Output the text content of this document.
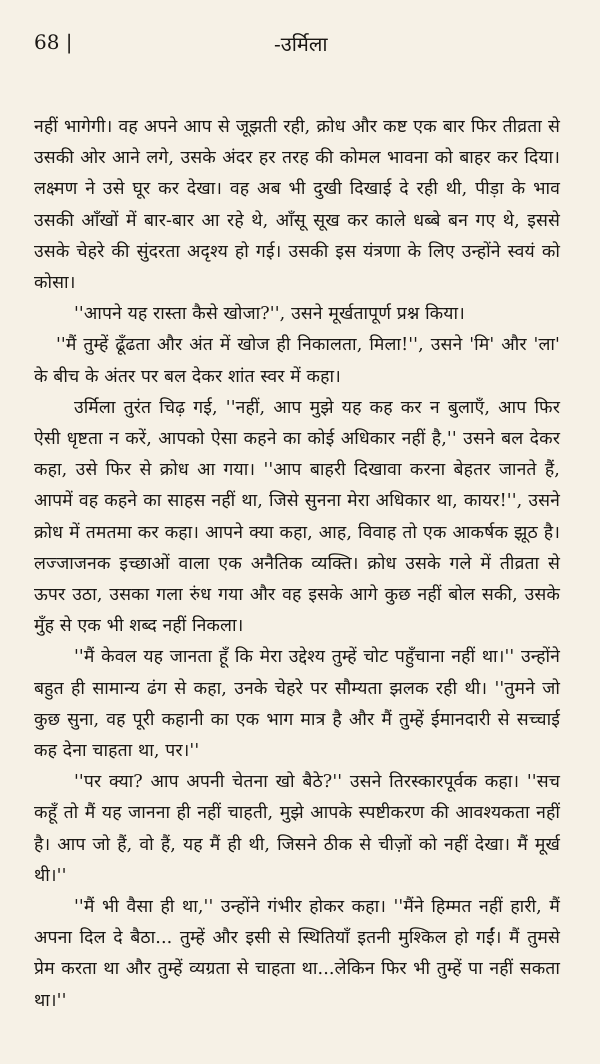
68 |	-उर्मिला

नहीं भागेगी। वह अपने आप से जूझती रही, क्रोध और कष्ट एक बार फिर तीव्रता से उसकी ओर आने लगे, उसके अंदर हर तरह की कोमल भावना को बाहर कर दिया। लक्ष्मण ने उसे घूर कर देखा। वह अब भी दुखी दिखाई दे रही थी, पीड़ा के भाव उसकी आँखों में बार-बार आ रहे थे, आँसू सूख कर काले धब्बे बन गए थे, इससे उसके चेहरे की सुंदरता अदृश्य हो गई। उसकी इस यंत्रणा के लिए उन्होंने स्वयं को कोसा।

''आपने यह रास्ता कैसे खोजा?'', उसने मूर्खतापूर्ण प्रश्न किया।

''मैं तुम्हें ढूँढता और अंत में खोज ही निकालता, मिला!'', उसने 'मि' और 'ला' के बीच के अंतर पर बल देकर शांत स्वर में कहा।

उर्मिला तुरंत चिढ़ गई, ''नहीं, आप मुझे यह कह कर न बुलाएँ, आप फिर ऐसी धृष्टता न करें, आपको ऐसा कहने का कोई अधिकार नहीं है,'' उसने बल देकर कहा, उसे फिर से क्रोध आ गया। ''आप बाहरी दिखावा करना बेहतर जानते हैं, आपमें वह कहने का साहस नहीं था, जिसे सुनना मेरा अधिकार था, कायर!'', उसने क्रोध में तमतमा कर कहा। आपने क्या कहा, आह, विवाह तो एक आकर्षक झूठ है। लज्जाजनक इच्छाओं वाला एक अनैतिक व्यक्ति। क्रोध उसके गले में तीव्रता से ऊपर उठा, उसका गला रुंध गया और वह इसके आगे कुछ नहीं बोल सकी, उसके मुँह से एक भी शब्द नहीं निकला।

''मैं केवल यह जानता हूँ कि मेरा उद्देश्य तुम्हें चोट पहुँचाना नहीं था।'' उन्होंने बहुत ही सामान्य ढंग से कहा, उनके चेहरे पर सौम्यता झलक रही थी। ''तुमने जो कुछ सुना, वह पूरी कहानी का एक भाग मात्र है और मैं तुम्हें ईमानदारी से सच्चाई कह देना चाहता था, पर।''

''पर क्या? आप अपनी चेतना खो बैठे?'' उसने तिरस्कारपूर्वक कहा। ''सच कहूँ तो मैं यह जानना ही नहीं चाहती, मुझे आपके स्पष्टीकरण की आवश्यकता नहीं है। आप जो हैं, वो हैं, यह मैं ही थी, जिसने ठीक से चीज़ों को नहीं देखा। मैं मूर्ख थी।''

''मैं भी वैसा ही था,'' उन्होंने गंभीर होकर कहा। ''मैंने हिम्मत नहीं हारी, मैं अपना दिल दे बैठा... तुम्हें और इसी से स्थितियाँ इतनी मुश्किल हो गईं। मैं तुमसे प्रेम करता था और तुम्हें व्यग्रता से चाहता था...लेकिन फिर भी तुम्हें पा नहीं सकता था।''
